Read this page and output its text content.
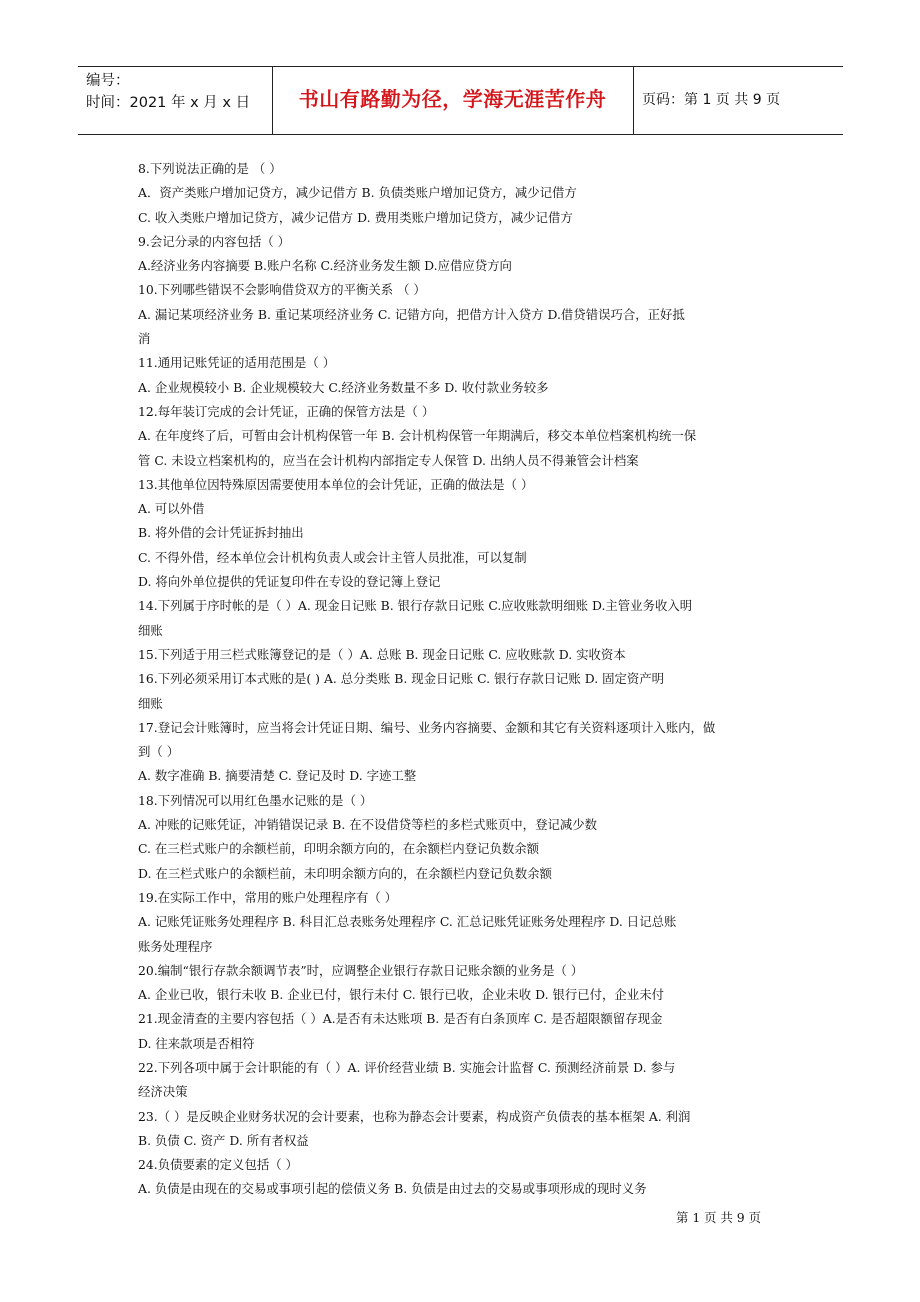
编号：
时间：2021 年 x 月 x 日	书山有路勤为径，学海无涯苦作舟	页码：第 1 页 共 9 页
8.下列说法正确的是 （ ）
A．资产类账户增加记贷方，减少记借方 B. 负债类账户增加记贷方，减少记借方
C. 收入类账户增加记贷方，减少记借方 D. 费用类账户增加记贷方，减少记借方
9.会记分录的内容包括（ ）
A.经济业务内容摘要 B.账户名称 C.经济业务发生额 D.应借应贷方向
10.下列哪些错误不会影响借贷双方的平衡关系 （ ）
A. 漏记某项经济业务 B. 重记某项经济业务 C. 记错方向，把借方计入贷方 D.借贷错误巧合，正好抵
消
11.通用记账凭证的适用范围是（ ）
A. 企业规模较小 B. 企业规模较大 C.经济业务数量不多 D. 收付款业务较多
12.每年装订完成的会计凭证，正确的保管方法是（ ）
A. 在年度终了后，可暂由会计机构保管一年 B. 会计机构保管一年期满后，移交本单位档案机构统一保
管 C. 未设立档案机构的，应当在会计机构内部指定专人保管 D. 出纳人员不得兼管会计档案
13.其他单位因特殊原因需要使用本单位的会计凭证，正确的做法是（ ）
A. 可以外借
B. 将外借的会计凭证拆封抽出
C. 不得外借，经本单位会计机构负责人或会计主管人员批准，可以复制
D. 将向外单位提供的凭证复印件在专设的登记簿上登记
14.下列属于序时帐的是（ ）A. 现金日记账 B. 银行存款日记账 C.应收账款明细账 D.主管业务收入明
细账
15.下列适于用三栏式账簿登记的是（ ）A. 总账 B. 现金日记账 C. 应收账款 D. 实收资本
16.下列必须采用订本式账的是( ) A. 总分类账 B. 现金日记账 C. 银行存款日记账 D. 固定资产明
细账
17.登记会计账簿时，应当将会计凭证日期、编号、业务内容摘要、金额和其它有关资料逐项计入账内，做
到（ ）
A. 数字准确 B. 摘要清楚 C. 登记及时 D. 字迹工整
18.下列情况可以用红色墨水记账的是（ ）
A. 冲账的记账凭证，冲销错误记录 B. 在不设借贷等栏的多栏式账页中，登记减少数
C. 在三栏式账户的余额栏前，印明余额方向的，在余额栏内登记负数余额
D. 在三栏式账户的余额栏前，未印明余额方向的，在余额栏内登记负数余额
19.在实际工作中，常用的账户处理程序有（ ）
A. 记账凭证账务处理程序 B. 科目汇总表账务处理程序 C. 汇总记账凭证账务处理程序 D. 日记总账
账务处理程序
20.编制“银行存款余额调节表”时，应调整企业银行存款日记账余额的业务是（ ）
A. 企业已收，银行未收 B. 企业已付，银行未付 C. 银行已收，企业未收 D. 银行已付，企业未付
21.现金清查的主要内容包括（ ）A.是否有未达账项 B. 是否有白条顶库 C. 是否超限额留存现金
D. 往来款项是否相符
22.下列各项中属于会计职能的有（ ）A. 评价经营业绩 B. 实施会计监督 C. 预测经济前景 D. 参与
经济决策
23.（ ）是反映企业财务状况的会计要素，也称为静态会计要素，构成资产负债表的基本框架 A. 利润
B. 负债 C. 资产 D. 所有者权益
24.负债要素的定义包括（ ）
A. 负债是由现在的交易或事项引起的偿债义务 B. 负债是由过去的交易或事项形成的现时义务
第 1 页 共 9 页
